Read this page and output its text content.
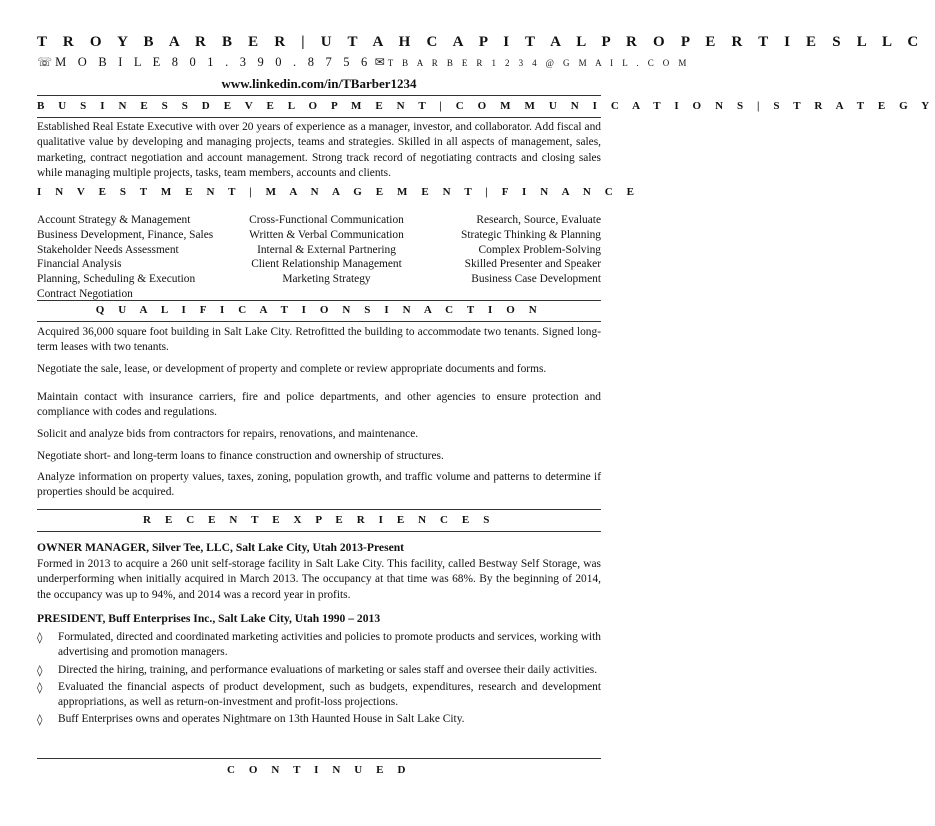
T R O Y B A R B E R | U T A H C A P I T A L P R O P E R T I E S L L C
☏ M O B I L E 8 0 1 . 3 9 0 . 8 7 5 6 ✉ T B A R B E R 1 2 3 4 @ G M A I L . C O M
www.linkedin.com/in/TBarber1234
B U S I N E S S D E V E L O P M E N T | C O M M U N I C A T I O N S | S T R A T E G Y

Established Real Estate Executive with over 20 years of experience as a manager, investor, and collaborator. Add fiscal and qualitative value by developing and managing projects, teams and strategies. Skilled in all aspects of management, sales, marketing, contract negotiation and account management. Strong track record of negotiating contracts and closing sales while managing multiple projects, tasks, team members, accounts and clients.

I N V E S T M E N T | M A N A G E M E N T | F I N A N C E
Account Strategy & Management
Business Development, Finance, Sales
Stakeholder Needs Assessment
Financial Analysis
Planning, Scheduling & Execution
Contract Negotiation
Cross-Functional Communication
Written & Verbal Communication
Internal & External Partnering
Client Relationship Management
Marketing Strategy
Research, Source, Evaluate
Strategic Thinking & Planning
Complex Problem-Solving
Skilled Presenter and Speaker
Business Case Development
Q U A L I F I C A T I O N S I N A C T I O N

Acquired 36,000 square foot building in Salt Lake City. Retrofitted the building to accommodate two tenants. Signed long-term leases with two tenants.

Negotiate the sale, lease, or development of property and complete or review appropriate documents and forms.

Maintain contact with insurance carriers, fire and police departments, and other agencies to ensure protection and compliance with codes and regulations.

Solicit and analyze bids from contractors for repairs, renovations, and maintenance.

Negotiate short- and long-term loans to finance construction and ownership of structures.

Analyze information on property values, taxes, zoning, population growth, and traffic volume and patterns to determine if properties should be acquired.

R E C E N T E X P E R I E N C E S
OWNER MANAGER, Silver Tee, LLC, Salt Lake City, Utah 2013-Present

Formed in 2013 to acquire a 260 unit self-storage facility in Salt Lake City. This facility, called Bestway Self Storage, was underperforming when initially acquired in March 2013. The occupancy at that time was 68%. By the beginning of 2014, the occupancy was up to 94%, and 2014 was a record year in profits.

PRESIDENT, Buff Enterprises Inc., Salt Lake City, Utah 1990 – 2013
◊ Formulated, directed and coordinated marketing activities and policies to promote products and services, working with advertising and promotion managers.
◊ Directed the hiring, training, and performance evaluations of marketing or sales staff and oversee their daily activities.
◊ Evaluated the financial aspects of product development, such as budgets, expenditures, research and development appropriations, as well as return-on-investment and profit-loss projections.
◊ Buff Enterprises owns and operates Nightmare on 13th Haunted House in Salt Lake City.
C O N T I N U E D
